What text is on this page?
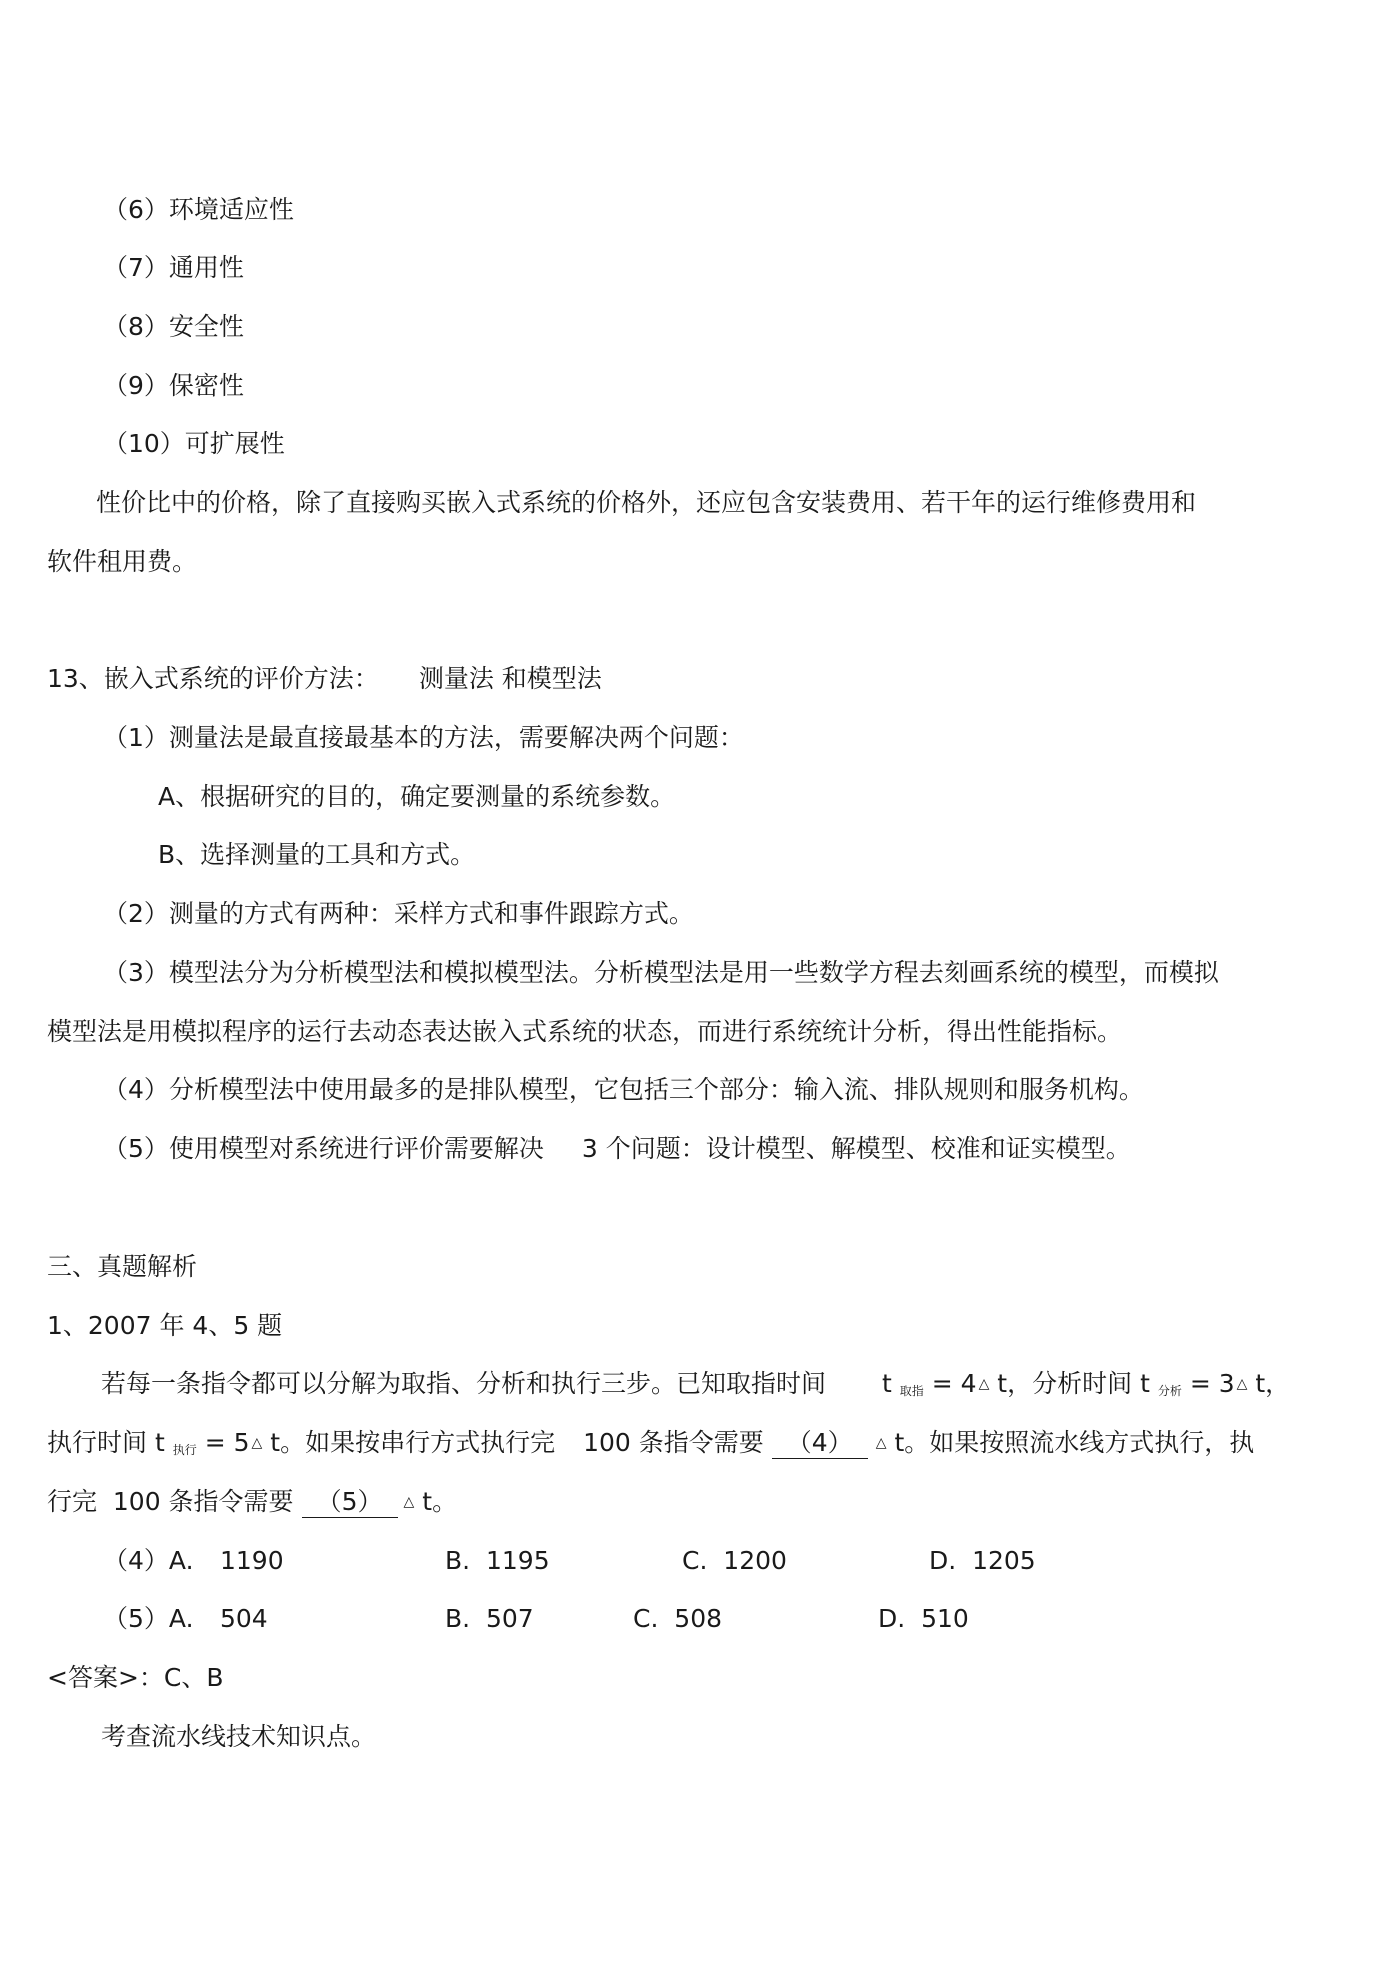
（6）环境适应性
（7）通用性
（8）安全性
（9）保密性
（10）可扩展性
性价比中的价格，除了直接购买嵌入式系统的价格外，还应包含安装费用、若干年的运行维修费用和
软件租用费。
13、嵌入式系统的评价方法： 测量法 和模型法
（1）测量法是最直接最基本的方法，需要解决两个问题：
A、根据研究的目的，确定要测量的系统参数。
B、选择测量的工具和方式。
（2）测量的方式有两种：采样方式和事件跟踪方式。
（3）模型法分为分析模型法和模拟模型法。分析模型法是用一些数学方程去刻画系统的模型，而模拟
模型法是用模拟程序的运行去动态表达嵌入式系统的状态，而进行系统统计分析，得出性能指标。
（4）分析模型法中使用最多的是排队模型，它包括三个部分：输入流、排队规则和服务机构。
（5）使用模型对系统进行评价需要解决 3 个问题：设计模型、解模型、校准和证实模型。
三、真题解析
1、2007 年 4、5 题
若每一条指令都可以分解为取指、分析和执行三步。已知取指时间 t 取指 = 4 △ t，分析时间 t 分析 = 3 △ t，
执行时间 t 执行 = 5 △ t。如果按串行方式执行完 100 条指令需要 （4） △ t。如果按照流水线方式执行，执
行完  100 条指令需要 （5） △ t。

（4）A.

1190

	B.  1195

	C.  1200

	D.  1205

（5）A.

504

	B.  507

	C.  508

	D.  510

<答案>：C、B
考查流水线技术知识点。
